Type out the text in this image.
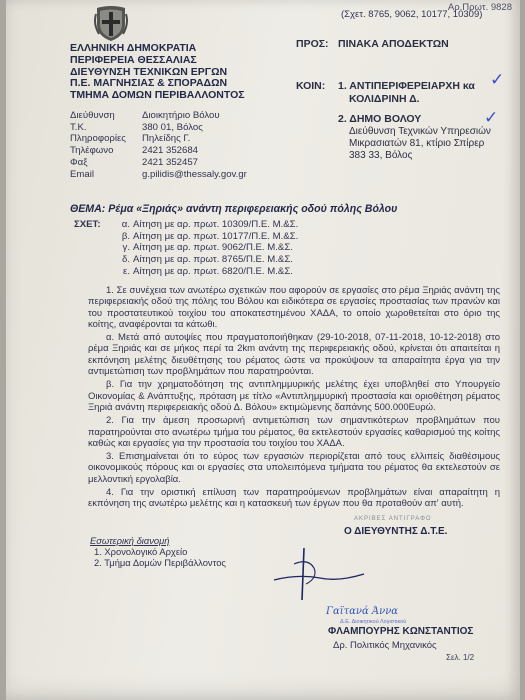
Αρ.Πρωτ. 9828
(Σχετ. 8765, 9062, 10177, 10309)
ΕΛΛΗΝΙΚΗ ΔΗΜΟΚΡΑΤΙΑ
ΠΕΡΙΦΕΡΕΙΑ ΘΕΣΣΑΛΙΑΣ
ΔΙΕΥΘΥΝΣΗ ΤΕΧΝΙΚΩΝ ΕΡΓΩΝ
Π.Ε. ΜΑΓΝΗΣΙΑΣ & ΣΠΟΡΑΔΩΝ
ΤΜΗΜΑ ΔΟΜΩΝ ΠΕΡΙΒΑΛΛΟΝΤΟΣ
Διεύθυνση	Διοικητήριο Βόλου
Τ.Κ.	380 01, Βόλος
Πληροφορίες	Πηλείδης Γ.
Τηλέφωνο	2421 352684
Φαξ	2421 352457
Email	g.pilidis@thessaly.gov.gr
ΠΡΟΣ: ΠΙΝΑΚΑ ΑΠΟΔΕΚΤΩΝ
ΚΟΙΝ: 1. ΑΝΤΙΠΕΡΙΦΕΡΕΙΑΡΧΗ κα
ΚΟΛΙΔΡΙΝΗ Δ.
✓
2. ΔΗΜΟ ΒΟΛΟΥ
Διεύθυνση Τεχνικών Υπηρεσιών
Μικρασιατών 81, κτίριο Σπίρερ
383 33, Βόλος
✓
ΘΕΜΑ: Ρέμα «Ξηριάς» ανάντη περιφερειακής οδού πόλης Βόλου
ΣΧΕΤ:	α. Αίτηση με αρ. πρωτ. 10309/Π.Ε. Μ.&Σ.
β. Αίτηση με αρ. πρωτ. 10177/Π.Ε. Μ.&Σ.
γ. Αίτηση με αρ. πρωτ. 9062/Π.Ε. Μ.&Σ.
δ. Αίτηση με αρ. πρωτ. 8765/Π.Ε. Μ.&Σ.
ε. Αίτηση με αρ. πρωτ. 6820/Π.Ε. Μ.&Σ.

1. Σε συνέχεια των ανωτέρω σχετικών που αφορούν σε εργασίες στο ρέμα Ξηριάς ανάντη της περιφερειακής οδού της πόλης του Βόλου και ειδικότερα σε εργασίες προστασίας των πρανών και του προστατευτικού τοιχίου του αποκατεστημένου ΧΑΔΑ, το οποίο χωροθετείται στο όριο της κοίτης, αναφέρονται τα κάτωθι.

α. Μετά από αυτοψίες που πραγματοποιήθηκαν (29-10-2018, 07-11-2018, 10-12-2018) στο ρέμα Ξηριάς και σε μήκος περί τα 2km ανάντη της περιφερειακής οδού, κρίνεται ότι απαιτείται η εκπόνηση μελέτης διευθέτησης του ρέματος ώστε να προκύψουν τα απαραίτητα έργα για την αντιμετώπιση των προβλημάτων που παρατηρούνται.

β. Για την χρηματοδότηση της αντιπλημμυρικής μελέτης έχει υποβληθεί στο Υπουργείο Οικονομίας & Ανάπτυξης, πρόταση με τίτλο «Αντιπλημμυρική προστασία και οριοθέτηση ρέματος Ξηριά ανάντη περιφερειακής οδού Δ. Βόλου» εκτιμώμενης δαπάνης 500.000Ευρώ.

2. Για την άμεση προσωρινή αντιμετώπιση των σημαντικότερων προβλημάτων που παρατηρούνται στο ανωτέρω τμήμα του ρέματος, θα εκτελεστούν εργασίες καθαρισμού της κοίτης καθώς και εργασίες για την προστασία του τοιχίου του ΧΑΔΑ.

3. Επισημαίνεται ότι το εύρος των εργασιών περιορίζεται από τους ελλιπείς διαθέσιμους οικονομικούς πόρους και οι εργασίες στα υπολειπόμενα τμήματα του ρέματος θα εκτελεστούν σε μελλοντική εργολαβία.

4. Για την οριστική επίλυση των παρατηρούμενων προβλημάτων είναι απαραίτητη η εκπόνηση της ανωτέρω μελέτης και η κατασκευή των έργων που θα προταθούν απ' αυτή.

Εσωτερική διανομή
1. Χρονολογικό Αρχείο
2. Τμήμα Δομών Περιβάλλοντος
ΑΚΡΙΒΕΣ ΑΝΤΙΓΡΑΦΟ
Ο ΔΙΕΥΘΥΝΤΗΣ Δ.Τ.Ε.
Γαϊτανά Άννα
Δ.Ε. Διοικητικού Λογιστικού
ΦΛΑΜΠΟΥΡΗΣ ΚΩΝΣΤΑΝΤΙΟΣ
Δρ. Πολιτικός Μηχανικός
Σελ. 1/2
